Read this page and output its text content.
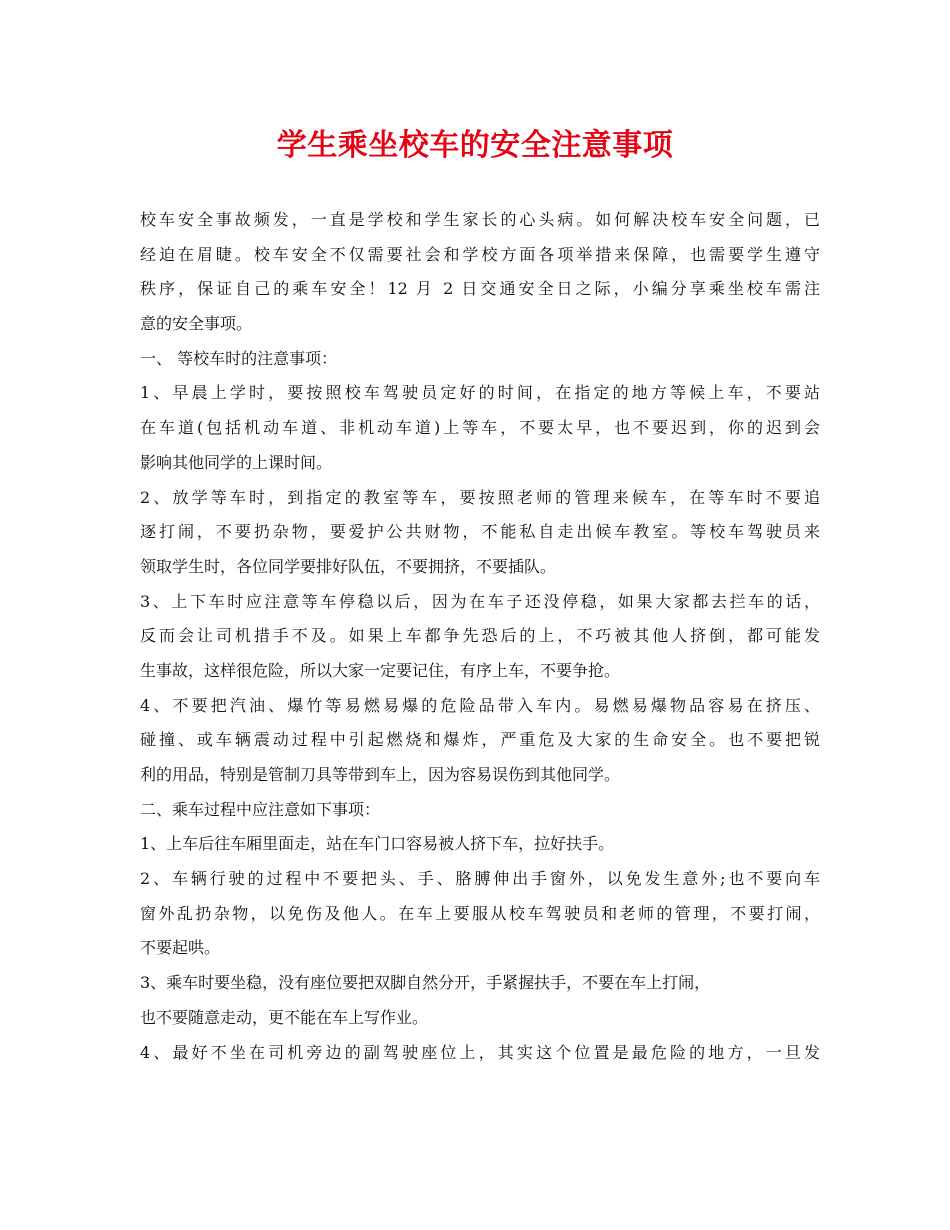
学生乘坐校车的安全注意事项
校车安全事故频发，一直是学校和学生家长的心头病。如何解决校车安全问题，已
经迫在眉睫。校车安全不仅需要社会和学校方面各项举措来保障，也需要学生遵守
秩序，保证自己的乘车安全！12 月 2 日交通安全日之际，小编分享乘坐校车需注
意的安全事项。
一、 等校车时的注意事项：
1、早晨上学时，要按照校车驾驶员定好的时间，在指定的地方等候上车，不要站
在车道(包括机动车道、非机动车道)上等车，不要太早，也不要迟到，你的迟到会
影响其他同学的上课时间。
2、放学等车时，到指定的教室等车，要按照老师的管理来候车，在等车时不要追
逐打闹，不要扔杂物，要爱护公共财物，不能私自走出候车教室。等校车驾驶员来
领取学生时，各位同学要排好队伍，不要拥挤，不要插队。
3、上下车时应注意等车停稳以后，因为在车子还没停稳，如果大家都去拦车的话，
反而会让司机措手不及。如果上车都争先恐后的上，不巧被其他人挤倒，都可能发
生事故，这样很危险，所以大家一定要记住，有序上车，不要争抢。
4、不要把汽油、爆竹等易燃易爆的危险品带入车内。易燃易爆物品容易在挤压、
碰撞、或车辆震动过程中引起燃烧和爆炸，严重危及大家的生命安全。也不要把锐
利的用品，特别是管制刀具等带到车上，因为容易误伤到其他同学。
二、乘车过程中应注意如下事项：
1、上车后往车厢里面走，站在车门口容易被人挤下车，拉好扶手。
2、车辆行驶的过程中不要把头、手、胳膊伸出手窗外，以免发生意外;也不要向车
窗外乱扔杂物，以免伤及他人。在车上要服从校车驾驶员和老师的管理，不要打闹，
不要起哄。
3、乘车时要坐稳，没有座位要把双脚自然分开，手紧握扶手，不要在车上打闹，
也不要随意走动，更不能在车上写作业。
4、最好不坐在司机旁边的副驾驶座位上，其实这个位置是最危险的地方，一旦发
